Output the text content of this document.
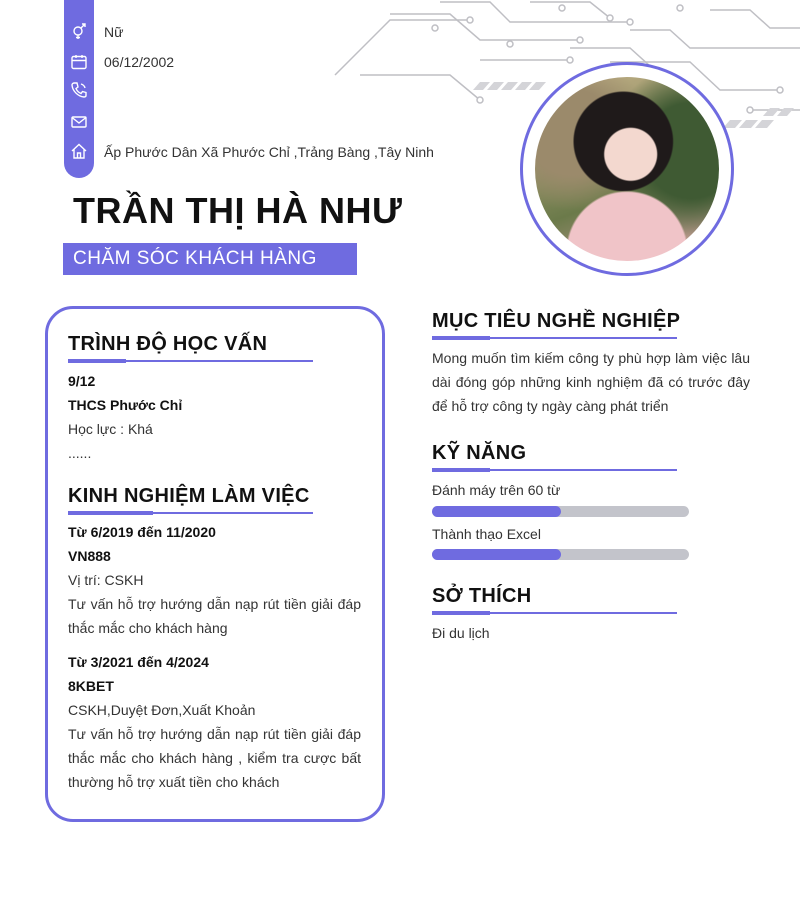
Nữ
06/12/2002
Ấp Phước Dân Xã Phước Chỉ ,Trảng Bàng ,Tây Ninh
TRẦN THỊ HÀ NHƯ
CHĂM SÓC KHÁCH HÀNG
TRÌNH ĐỘ HỌC VẤN
9/12
THCS Phước Chỉ
Học lực : Khá
......
KINH NGHIỆM LÀM VIỆC
Từ 6/2019 đến 11/2020
VN888
Vị trí: CSKH
Tư vấn hỗ trợ hướng dẫn nạp rút tiền giải đáp thắc mắc cho khách hàng
Từ 3/2021 đến 4/2024
8KBET
CSKH,Duyệt Đơn,Xuất Khoản
Tư vấn hỗ trợ hướng dẫn nạp rút tiền giải đáp thắc mắc cho khách hàng , kiểm tra cược bất thường hỗ trợ xuất tiền cho khách
MỤC TIÊU NGHỀ NGHIỆP
Mong muốn tìm kiếm công ty phù hợp làm việc lâu dài đóng góp những kinh nghiệm đã có trước đây để hỗ trợ công ty ngày càng phát triển
KỸ NĂNG
Đánh máy trên 60 từ
Thành thạo Excel
SỞ THÍCH
Đi du lịch
